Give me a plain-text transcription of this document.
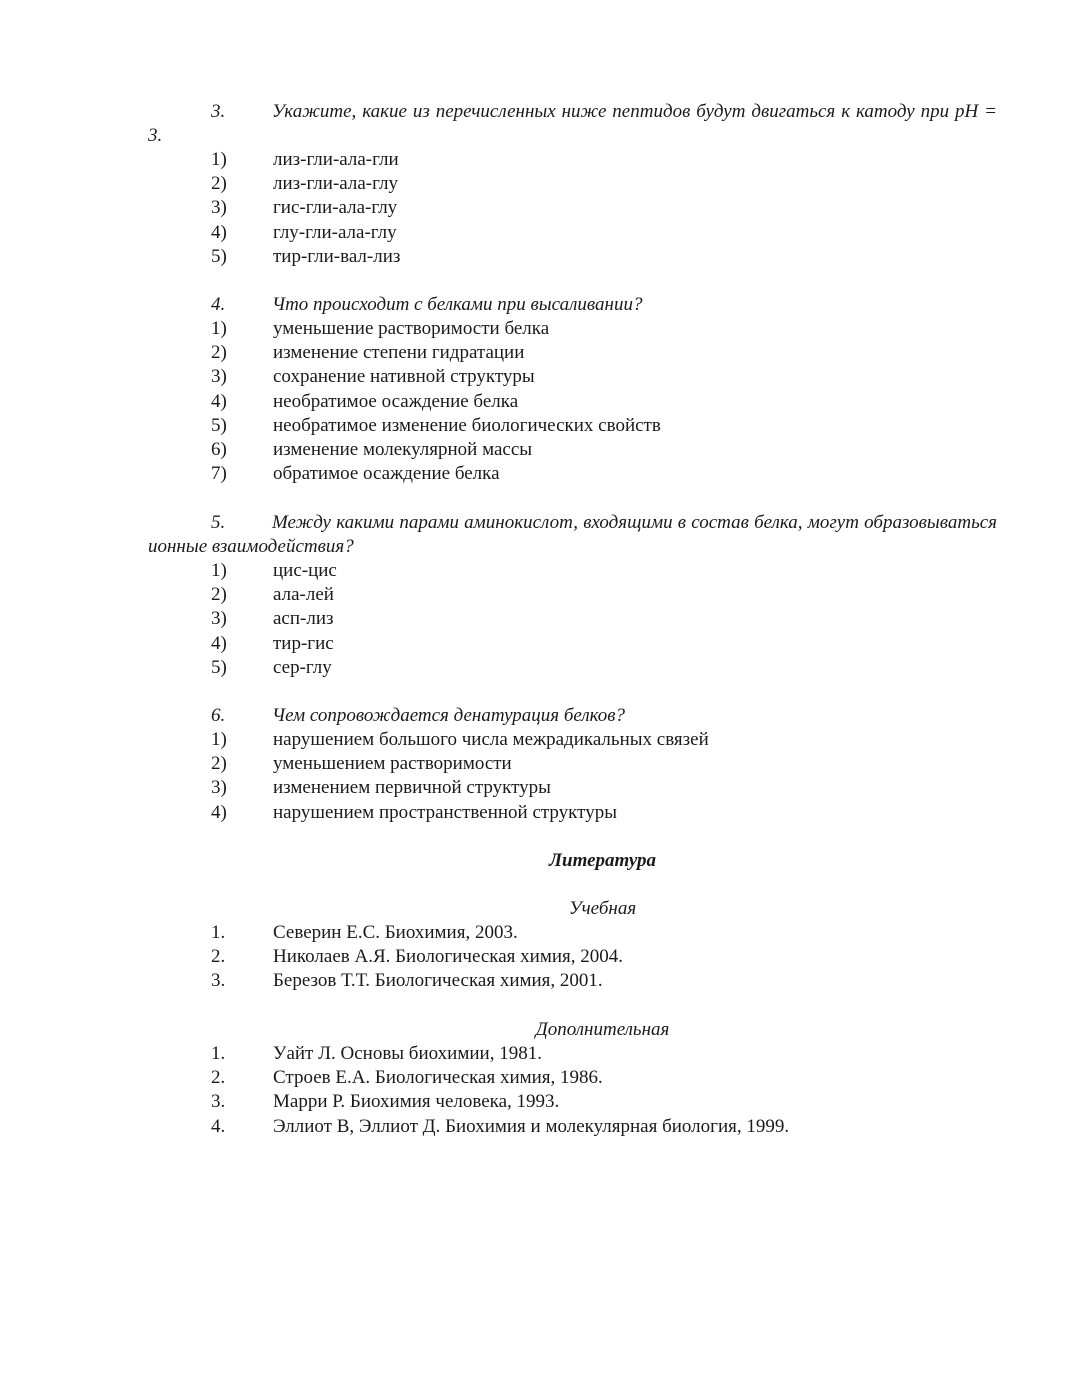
3. Укажите, какие из перечисленных ниже пептидов будут двигаться к катоду при рН = 3.
1) лиз-гли-ала-гли
2) лиз-гли-ала-глу
3) гис-гли-ала-глу
4) глу-гли-ала-глу
5) тир-гли-вал-лиз
4. Что происходит с белками при высаливании?
1) уменьшение растворимости белка
2) изменение степени гидратации
3) сохранение нативной структуры
4) необратимое осаждение белка
5) необратимое изменение биологических свойств
6) изменение молекулярной массы
7) обратимое осаждение белка
5. Между какими парами аминокислот, входящими в состав белка, могут образовываться ионные взаимодействия?
1) цис-цис
2) ала-лей
3) асп-лиз
4) тир-гис
5) сер-глу
6. Чем сопровождается денатурация белков?
1) нарушением большого числа межрадикальных связей
2) уменьшением растворимости
3) изменением первичной структуры
4) нарушением пространственной структуры
Литература
Учебная
1.	Северин Е.С. Биохимия, 2003.
2.	Николаев А.Я. Биологическая химия, 2004.
3.	Березов Т.Т. Биологическая химия, 2001.
Дополнительная
1.	Уайт Л. Основы биохимии, 1981.
2.	Строев Е.А. Биологическая химия, 1986.
3.	Марри Р. Биохимия человека, 1993.
4.	Эллиот В, Эллиот Д. Биохимия и молекулярная биология, 1999.
